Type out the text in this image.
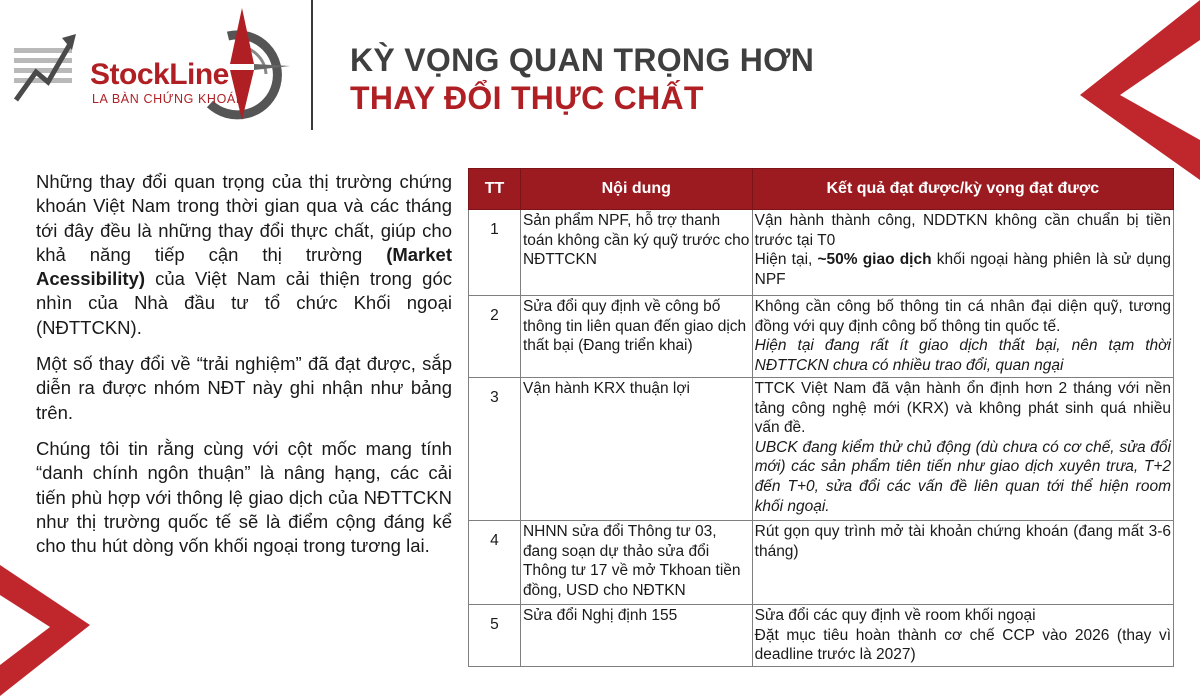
StockLine
LA BÀN CHỨNG KHOÁN
KỲ VỌNG QUAN TRỌNG HƠN
THAY ĐỔI THỰC CHẤT

Những thay đổi quan trọng của thị trường chứng khoán Việt Nam trong thời gian qua và các tháng tới đây đều là những thay đổi thực chất, giúp cho khả năng tiếp cận thị trường (Market Acessibility) của Việt Nam cải thiện trong góc nhìn của Nhà đầu tư tổ chức Khối ngoại (NĐTTCKN).

Một số thay đổi về “trải nghiệm” đã đạt được, sắp diễn ra được nhóm NĐT này ghi nhận như bảng trên.

Chúng tôi tin rằng cùng với cột mốc mang tính “danh chính ngôn thuận” là nâng hạng, các cải tiến phù hợp với thông lệ giao dịch của NĐTTCKN như thị trường quốc tế sẽ là điểm cộng đáng kể cho thu hút dòng vốn khối ngoại trong tương lai.

TT	Nội dung	Kết quả đạt được/kỳ vọng đạt được
1	Sản phẩm NPF, hỗ trợ thanh toán không cần ký quỹ trước cho NĐTTCKN	Vận hành thành công, NDDTKN không cần chuẩn bị tiền trước tại T0
Hiện tại, ~50% giao dịch khối ngoại hàng phiên là sử dụng NPF

2	Sửa đổi quy định về công bố thông tin liên quan đến giao dịch thất bại (Đang triển khai)	Không cần công bố thông tin cá nhân đại diện quỹ, tương đồng với quy định công bố thông tin quốc tế.
Hiện tại đang rất ít giao dịch thất bại, nên tạm thời NĐTTCKN chưa có nhiều trao đổi, quan ngại

3	Vận hành KRX thuận lợi	TTCK Việt Nam đã vận hành ổn định hơn 2 tháng với nền tảng công nghệ mới (KRX) và không phát sinh quá nhiều vấn đề.
UBCK đang kiểm thử chủ động (dù chưa có cơ chế, sửa đổi mới) các sản phẩm tiên tiến như giao dịch xuyên trưa, T+2 đến T+0, sửa đổi các vấn đề liên quan tới thể hiện room khối ngoại.

4	NHNN sửa đổi Thông tư 03, đang soạn dự thảo sửa đổi Thông tư 17 về mở Tkhoan tiền đồng, USD cho NĐTKN	Rút gọn quy trình mở tài khoản chứng khoán (đang mất 3-6 tháng)

5	Sửa đổi Nghị định 155	Sửa đổi các quy định về room khối ngoại
Đặt mục tiêu hoàn thành cơ chế CCP vào 2026 (thay vì deadline trước là 2027)
